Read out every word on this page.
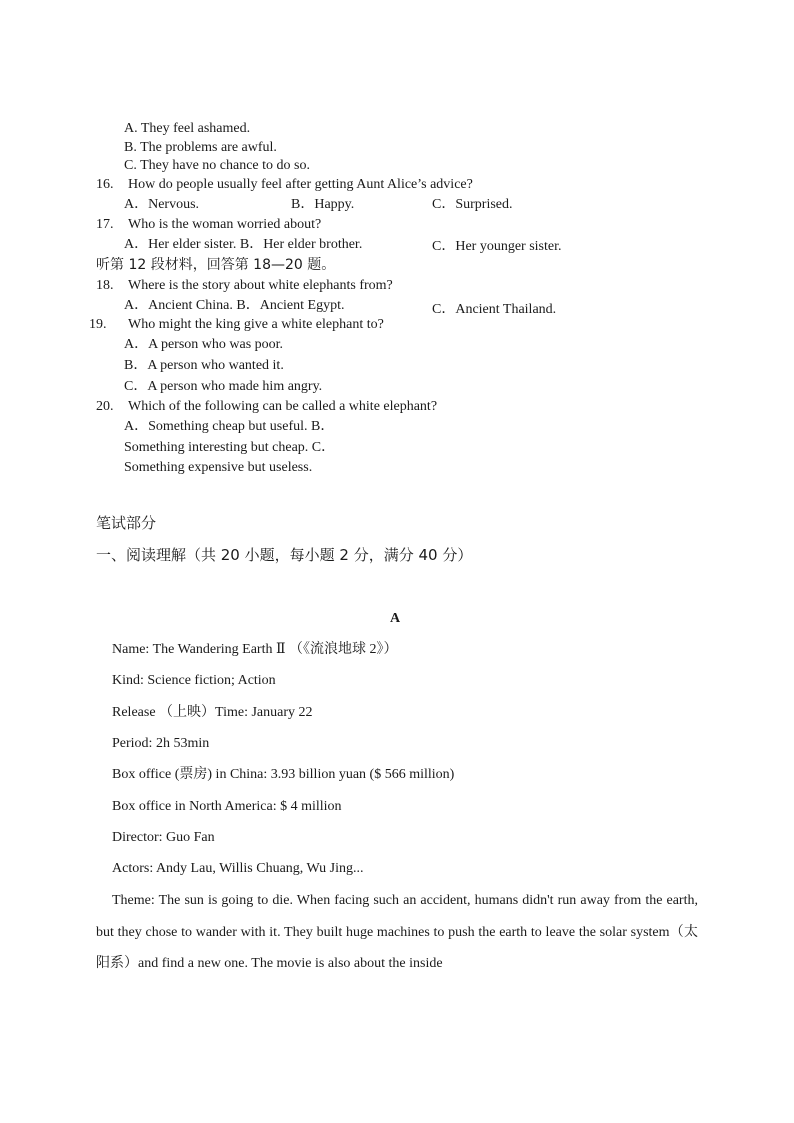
A. They feel ashamed.
B. The problems are awful.
C. They have no chance to do so.
16. How do people usually feel after getting Aunt Alice’s advice?
A．Nervous.	B．Happy.	C．Surprised.
17. Who is the woman worried about?
A．Her elder sister. B．Her elder brother.	C．Her younger sister.
听第 12 段材料，回答第 18—20 题。
18. Where is the story about white elephants from?
A．Ancient China. B．Ancient Egypt.	C．Ancient Thailand.
19. Who might the king give a white elephant to?
A．A person who was poor.
B．A person who wanted it.
C．A person who made him angry.
20. Which of the following can be called a white elephant?
A．Something cheap but useful. B．
Something interesting but cheap. C．
Something expensive but useless.
笔试部分
一、阅读理解（共 20 小题，每小题 2 分，满分 40 分）
A
Name: The Wandering Earth Ⅱ （《流浪地球 2》）
Kind: Science fiction; Action
Release （上映）Time: January 22
Period: 2h 53min
Box office (票房) in China: 3.93 billion yuan ($ 566 million)
Box office in North America: $ 4 million
Director: Guo Fan
Actors: Andy Lau, Willis Chuang, Wu Jing...
Theme: The sun is going to die. When facing such an accident, humans didn't run away from the earth, but they chose to wander with it. They built huge machines to push the earth to leave the solar system（太阳系）and find a new one. The movie is also about the inside
